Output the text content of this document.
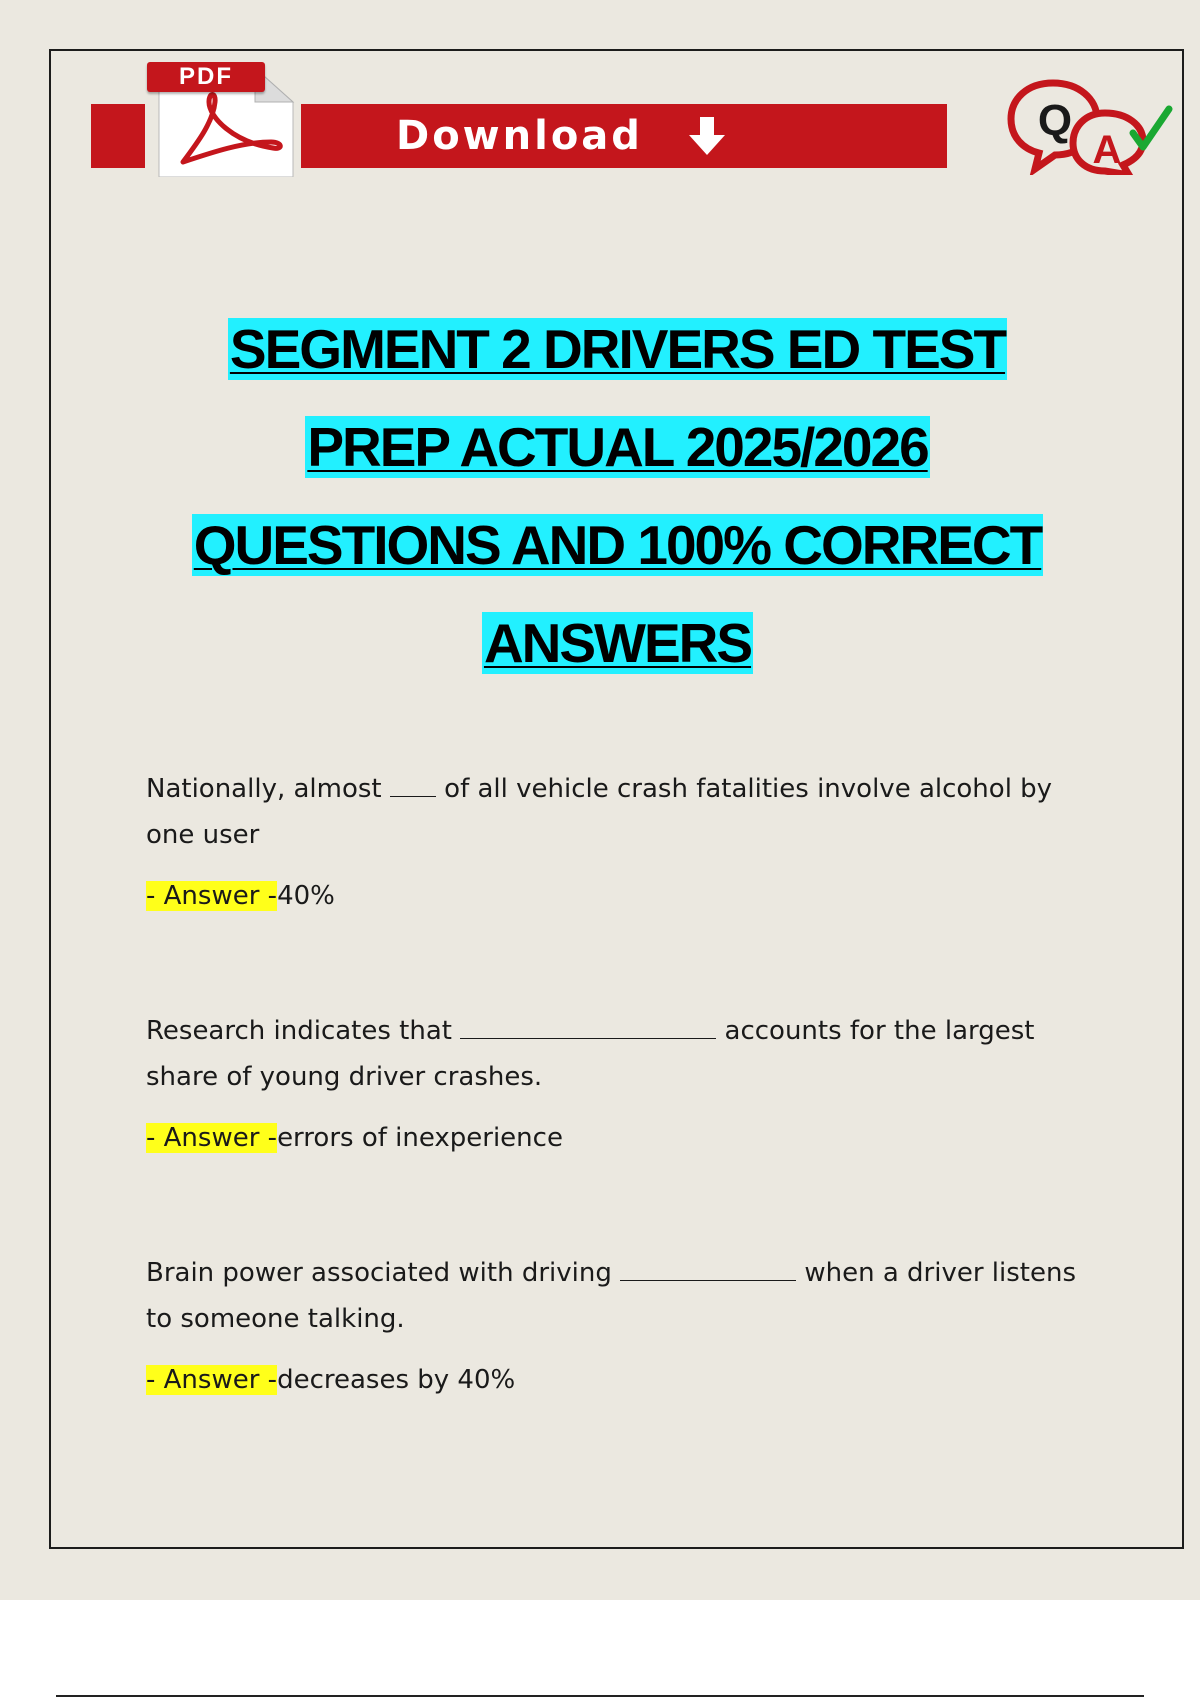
Download
PDF
Q
A
SEGMENT 2 DRIVERS ED TEST
PREP ACTUAL 2025/2026
QUESTIONS AND 100% CORRECT
ANSWERS
Nationally, almost of all vehicle crash fatalities involve alcohol by one user
- Answer -40%
Research indicates that	accounts for the largest share of young driver crashes.
- Answer -errors of inexperience
Brain power associated with driving	when a driver listens to someone talking.
- Answer -decreases by 40%
